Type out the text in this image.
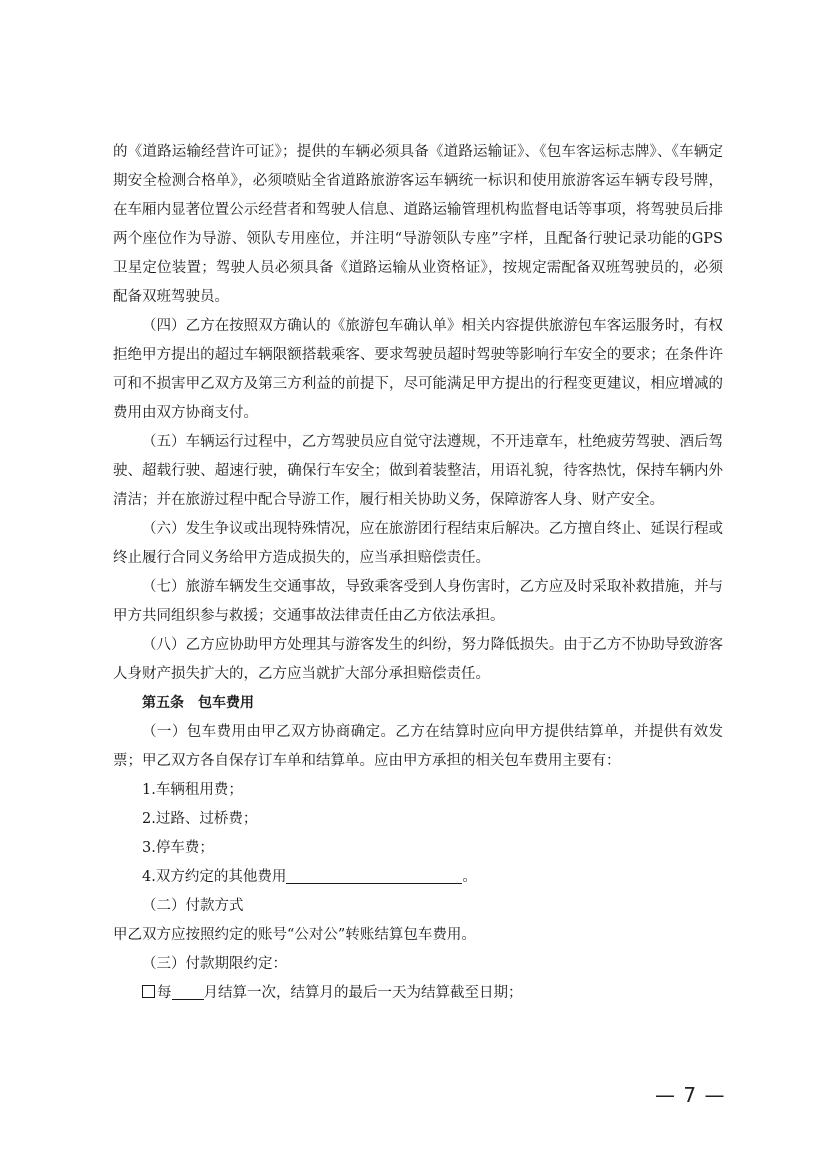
的《道路运输经营许可证》；提供的车辆必须具备《道路运输证》、《包车客运标志牌》、《车辆定期安全检测合格单》，必须喷贴全省道路旅游客运车辆统一标识和使用旅游客运车辆专段号牌，在车厢内显著位置公示经营者和驾驶人信息、道路运输管理机构监督电话等事项，将驾驶员后排两个座位作为导游、领队专用座位，并注明“导游领队专座”字样，且配备行驶记录功能的GPS卫星定位装置；驾驶人员必须具备《道路运输从业资格证》，按规定需配备双班驾驶员的，必须配备双班驾驶员。

（四）乙方在按照双方确认的《旅游包车确认单》相关内容提供旅游包车客运服务时，有权拒绝甲方提出的超过车辆限额搭载乘客、要求驾驶员超时驾驶等影响行车安全的要求；在条件许可和不损害甲乙双方及第三方利益的前提下，尽可能满足甲方提出的行程变更建议，相应增减的费用由双方协商支付。

（五）车辆运行过程中，乙方驾驶员应自觉守法遵规，不开违章车，杜绝疲劳驾驶、酒后驾驶、超载行驶、超速行驶，确保行车安全；做到着装整洁，用语礼貌，待客热忱，保持车辆内外清洁；并在旅游过程中配合导游工作，履行相关协助义务，保障游客人身、财产安全。

（六）发生争议或出现特殊情况，应在旅游团行程结束后解决。乙方擅自终止、延误行程或终止履行合同义务给甲方造成损失的，应当承担赔偿责任。

（七）旅游车辆发生交通事故，导致乘客受到人身伤害时，乙方应及时采取补救措施，并与甲方共同组织参与救援；交通事故法律责任由乙方依法承担。

（八）乙方应协助甲方处理其与游客发生的纠纷，努力降低损失。由于乙方不协助导致游客人身财产损失扩大的，乙方应当就扩大部分承担赔偿责任。

第五条 包车费用

（一）包车费用由甲乙双方协商确定。乙方在结算时应向甲方提供结算单，并提供有效发票；甲乙双方各自保存订车单和结算单。应由甲方承担的相关包车费用主要有：

1.车辆租用费；

2.过路、过桥费；

3.停车费；

4.双方约定的其他费用	。

（二）付款方式

甲乙双方应按照约定的账号“公对公”转账结算包车费用。

（三）付款期限约定：

每 月结算一次，结算月的最后一天为结算截至日期；

— 7 —
